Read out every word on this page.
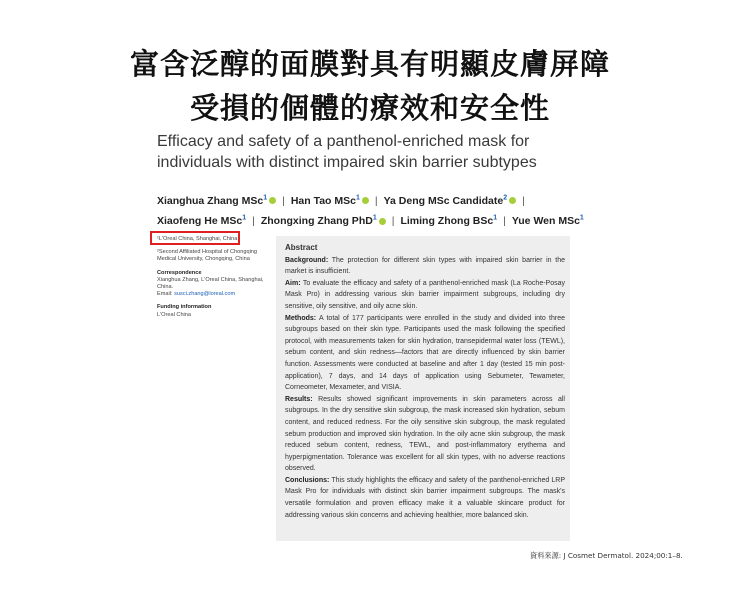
富含泛醇的面膜對具有明顯皮膚屏障
受損的個體的療效和安全性
Efficacy and safety of a panthenol-enriched mask for
individuals with distinct impaired skin barrier subtypes
Xianghua Zhang MSc$^1$ | Han Tao MSc$^1$ | Ya Deng MSc Candidate$^2$ |
Xiaofeng He MSc$^1$ | Zhongxing Zhang PhD$^1$ | Liming Zhong BSc$^1$ | Yue Wen MSc$^1$

¹L'Oreal China, Shanghai, China

²Second Affiliated Hospital of Chongqing Medical University, Chongqing, China

Correspondence

Xianghua Zhang, L'Oreal China, Shanghai, China.

Email: susci.zhang@loreal.com

Funding information

L'Oreal China

Abstract

Background: The protection for different skin types with impaired skin barrier in the market is insufficient.

Aim: To evaluate the efficacy and safety of a panthenol-enriched mask (La Roche-Posay Mask Pro) in addressing various skin barrier impairment subgroups, including dry sensitive, oily sensitive, and oily acne skin.

Methods: A total of 177 participants were enrolled in the study and divided into three subgroups based on their skin type. Participants used the mask following the specified protocol, with measurements taken for skin hydration, transepidermal water loss (TEWL), sebum content, and skin redness—factors that are directly influenced by skin barrier function. Assessments were conducted at baseline and after 1 day (tested 15 min post-application), 7 days, and 14 days of application using Sebumeter, Tewameter, Corneometer, Mexameter, and VISIA.

Results: Results showed significant improvements in skin parameters across all subgroups. In the dry sensitive skin subgroup, the mask increased skin hydration, sebum content, and reduced redness. For the oily sensitive skin subgroup, the mask regulated sebum production and improved skin hydration. In the oily acne skin subgroup, the mask reduced sebum content, redness, TEWL, and post-inflammatory erythema and hyperpigmentation. Tolerance was excellent for all skin types, with no adverse reactions observed.

Conclusions: This study highlights the efficacy and safety of the panthenol-enriched LRP Mask Pro for individuals with distinct skin barrier impairment subgroups. The mask's versatile formulation and proven efficacy make it a valuable skincare product for addressing various skin concerns and achieving healthier, more balanced skin.

資料來源: J Cosmet Dermatol. 2024;00:1–8.
